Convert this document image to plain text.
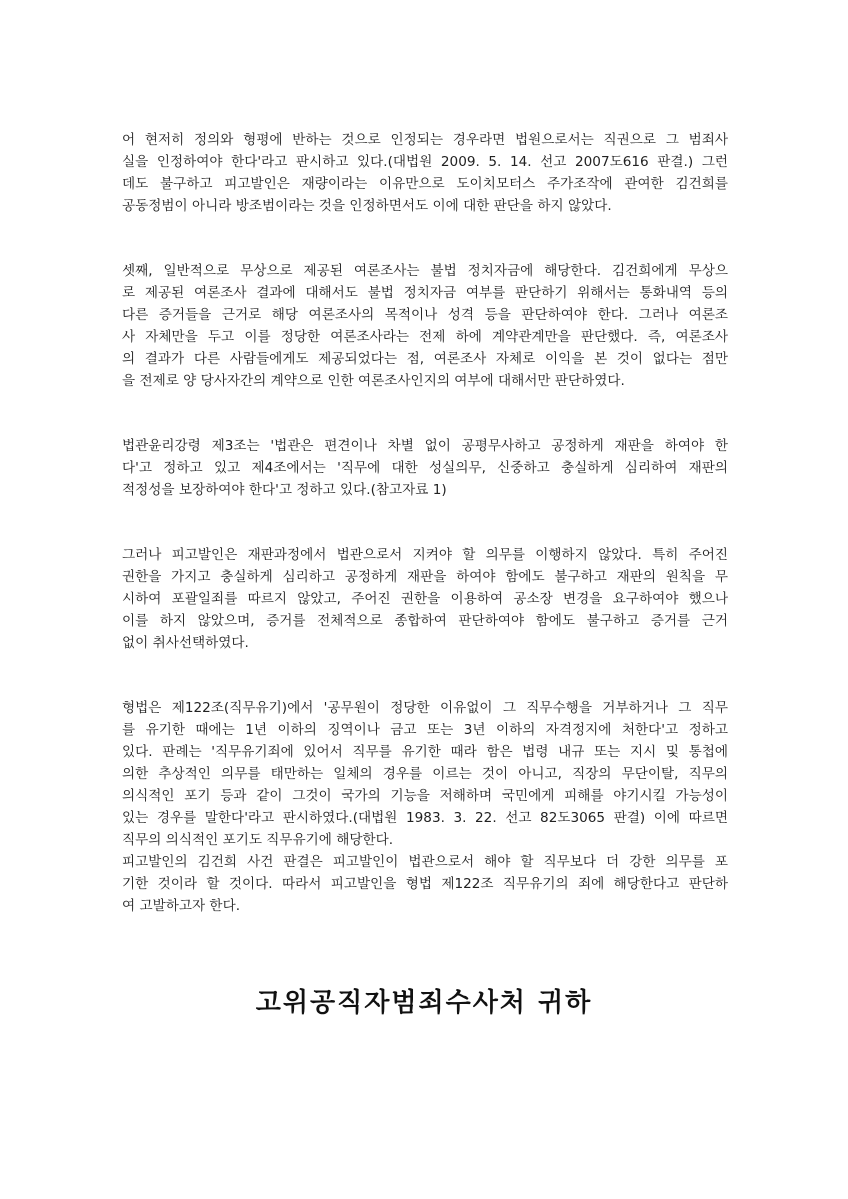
어 현저히 정의와 형평에 반하는 것으로 인정되는 경우라면 법원으로서는 직권으로 그 범죄사
실을 인정하여야 한다'라고 판시하고 있다.(대법원 2009. 5. 14. 선고 2007도616 판결.) 그런
데도 불구하고 피고발인은 재량이라는 이유만으로 도이치모터스 주가조작에 관여한 김건희를
공동정범이 아니라 방조범이라는 것을 인정하면서도 이에 대한 판단을 하지 않았다.
셋째, 일반적으로 무상으로 제공된 여론조사는 불법 정치자금에 해당한다. 김건희에게 무상으
로 제공된 여론조사 결과에 대해서도 불법 정치자금 여부를 판단하기 위해서는 통화내역 등의
다른 증거들을 근거로 해당 여론조사의 목적이나 성격 등을 판단하여야 한다. 그러나 여론조
사 자체만을 두고 이를 정당한 여론조사라는 전제 하에 계약관계만을 판단했다. 즉, 여론조사
의 결과가 다른 사람들에게도 제공되었다는 점, 여론조사 자체로 이익을 본 것이 없다는 점만
을 전제로 양 당사자간의 계약으로 인한 여론조사인지의 여부에 대해서만 판단하였다.
법관윤리강령 제3조는 '법관은 편견이나 차별 없이 공평무사하고 공정하게 재판을 하여야 한
다'고 정하고 있고 제4조에서는 '직무에 대한 성실의무, 신중하고 충실하게 심리하여 재판의
적정성을 보장하여야 한다'고 정하고 있다.(참고자료 1)
그러나 피고발인은 재판과정에서 법관으로서 지켜야 할 의무를 이행하지 않았다. 특히 주어진
권한을 가지고 충실하게 심리하고 공정하게 재판을 하여야 함에도 불구하고 재판의 원칙을 무
시하여 포괄일죄를 따르지 않았고, 주어진 권한을 이용하여 공소장 변경을 요구하여야 했으나
이를 하지 않았으며, 증거를 전체적으로 종합하여 판단하여야 함에도 불구하고 증거를 근거
없이 취사선택하였다.
형법은 제122조(직무유기)에서 '공무원이 정당한 이유없이 그 직무수행을 거부하거나 그 직무
를 유기한 때에는 1년 이하의 징역이나 금고 또는 3년 이하의 자격정지에 처한다'고 정하고
있다. 판례는 '직무유기죄에 있어서 직무를 유기한 때라 함은 법령 내규 또는 지시 및 통첩에
의한 추상적인 의무를 태만하는 일체의 경우를 이르는 것이 아니고, 직장의 무단이탈, 직무의
의식적인 포기 등과 같이 그것이 국가의 기능을 저해하며 국민에게 피해를 야기시킬 가능성이
있는 경우를 말한다'라고 판시하였다.(대법원 1983. 3. 22. 선고 82도3065 판결) 이에 따르면
직무의 의식적인 포기도 직무유기에 해당한다.
피고발인의 김건희 사건 판결은 피고발인이 법관으로서 해야 할 직무보다 더 강한 의무를 포
기한 것이라 할 것이다. 따라서 피고발인을 형법 제122조 직무유기의 죄에 해당한다고 판단하
여 고발하고자 한다.
고위공직자범죄수사처 귀하
